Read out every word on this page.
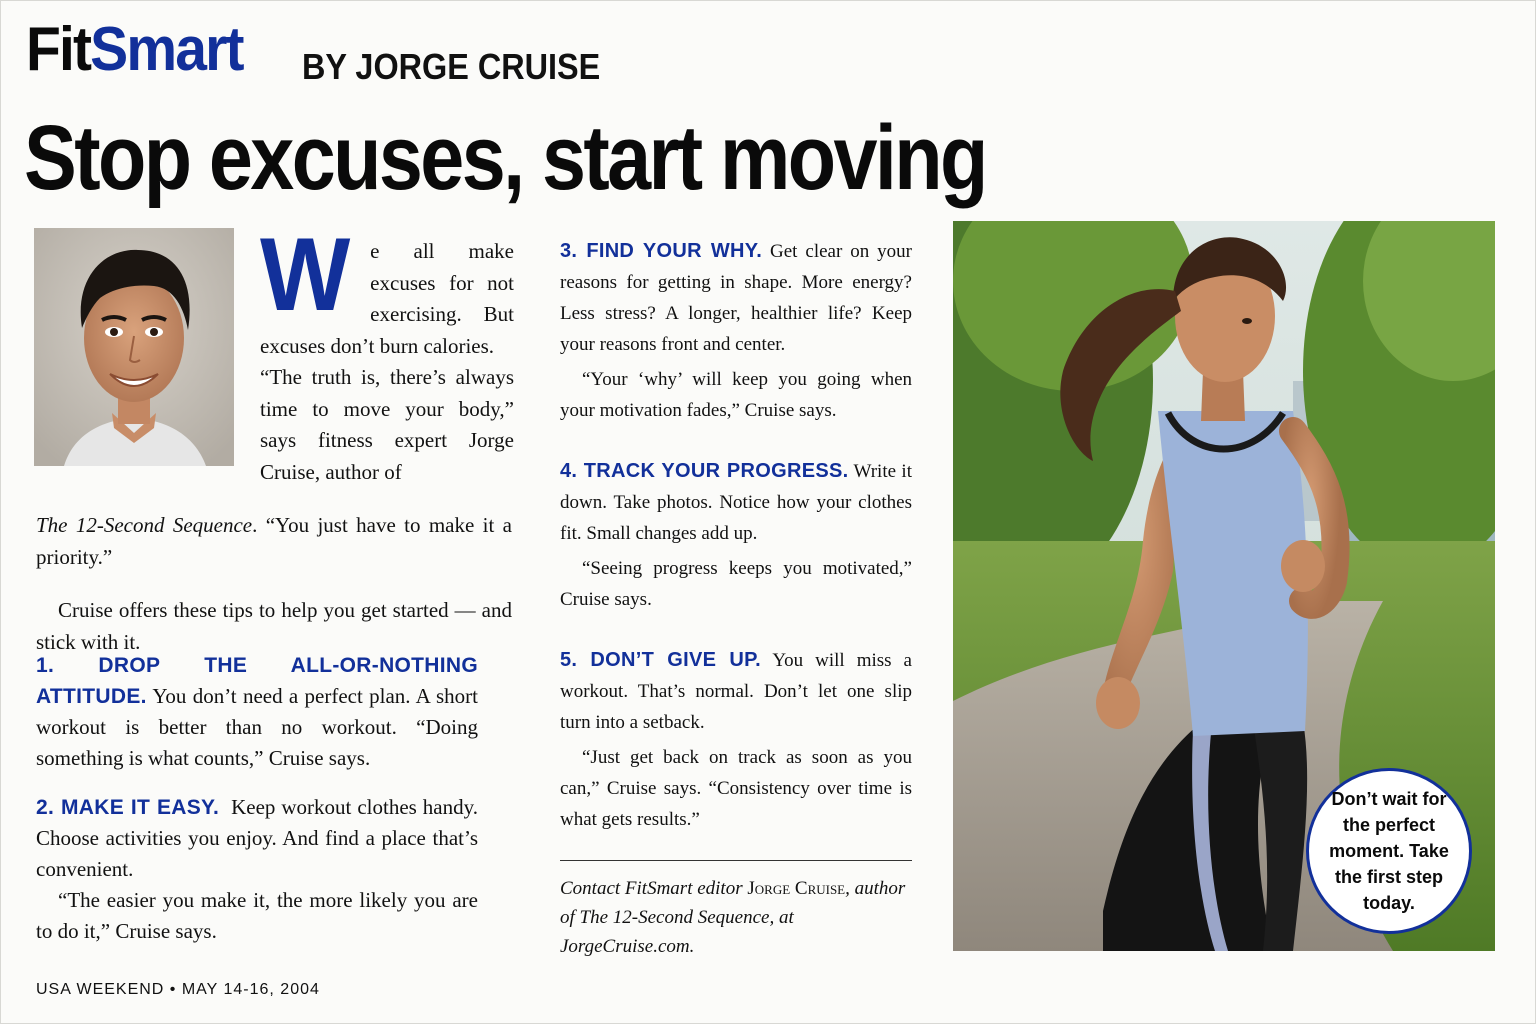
FitSmart BY JORGE CRUISE
Stop excuses, start moving
W e all make excuses for not exercising. But excuses don’t burn calories.
“The truth is, there’s always time to move your body,” says fitness expert Jorge Cruise, author of

The 12-Second Sequence. “You just have to make it a priority.”

Cruise offers these tips to help you get started — and stick with it.

1. DROP THE ALL-OR-NOTHING ATTITUDE. You don’t need a perfect plan. A short workout is better than no workout. “Doing something is what counts,” Cruise says.

2. MAKE IT EASY. Keep workout clothes handy. Choose activities you enjoy. And find a place that’s convenient.

“The easier you make it, the more likely you are to do it,” Cruise says.

3. FIND YOUR WHY. Get clear on your reasons for getting in shape. More energy? Less stress? A longer, healthier life? Keep your reasons front and center.

“Your ‘why’ will keep you going when your motivation fades,” Cruise says.

4. TRACK YOUR PROGRESS. Write it down. Take photos. Notice how your clothes fit. Small changes add up.

“Seeing progress keeps you motivated,” Cruise says.

5. DON’T GIVE UP. You will miss a workout. That’s normal. Don’t let one slip turn into a setback.

“Just get back on track as soon as you can,” Cruise says. “Consistency over time is what gets results.”

Contact FitSmart editor Jorge Cruise, author of The 12-Second Sequence, at JorgeCruise.com.
USA WEEKEND • MAY 14-16, 2004
Don’t wait for the perfect moment. Take the first step today.
